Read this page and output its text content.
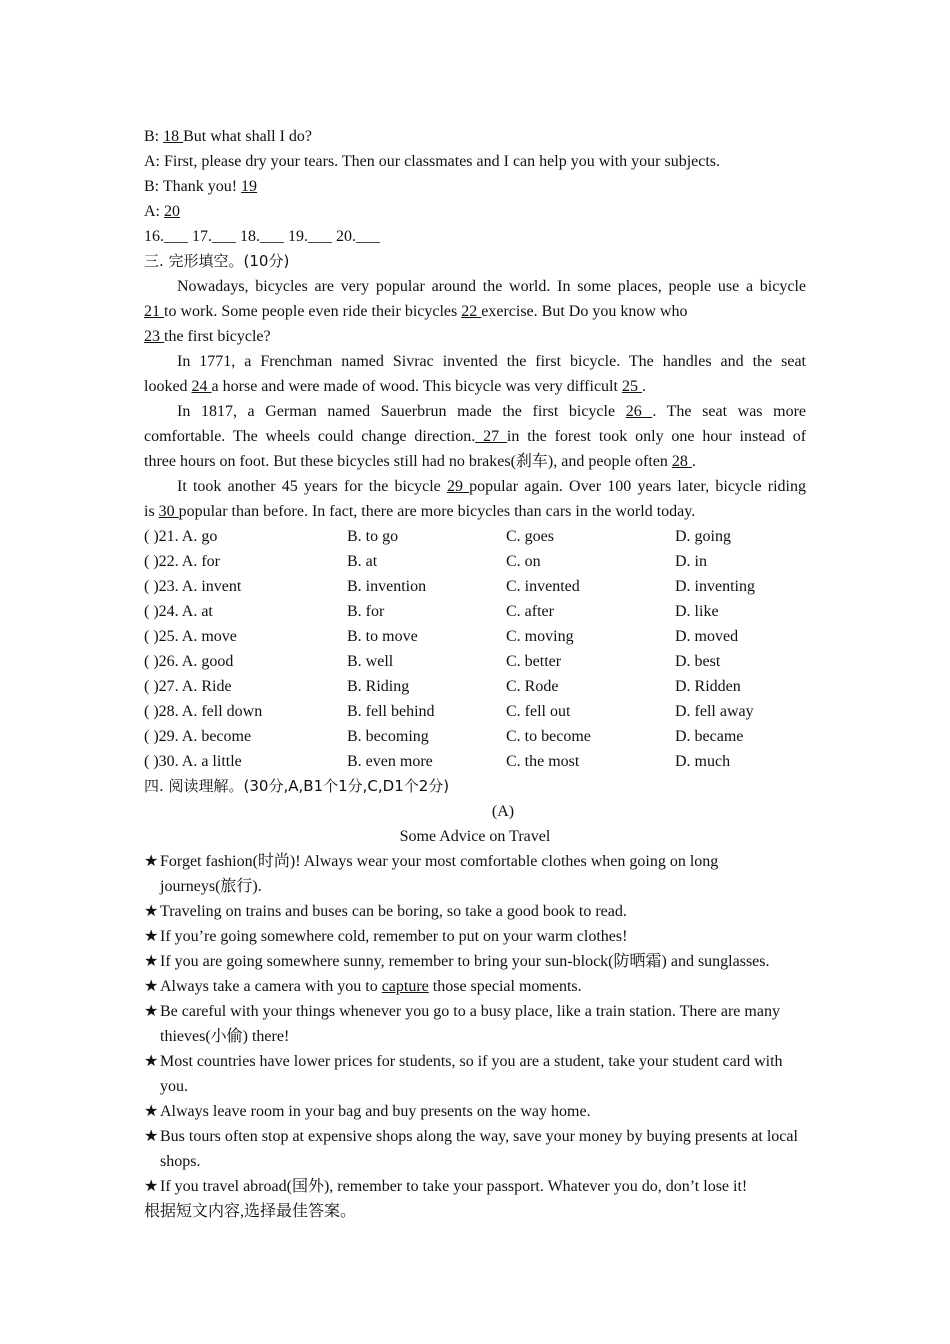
B: 18 But what shall I do?
A: First, please dry your tears. Then our classmates and I can help you with your subjects.
B: Thank you! 19
A: 20
16.___ 17.___ 18.___ 19.___ 20.___
三. 完形填空。(10分)
Nowadays, bicycles are very popular around the world. In some places, people use a bicycle
21 to work. Some people even ride their bicycles 22 exercise. But Do you know who
23 the first bicycle?
In 1771, a Frenchman named Sivrac invented the first bicycle. The handles and the seat
looked 24 a horse and were made of wood. This bicycle was very difficult 25 .
In 1817, a German named Sauerbrun made the first bicycle 26 . The seat was more
comfortable. The wheels could change direction. 27 in the forest took only one hour instead of
three hours on foot. But these bicycles still had no brakes(刹车), and people often 28 .
It took another 45 years for the bicycle 29 popular again. Over 100 years later, bicycle riding
is 30 popular than before. In fact, there are more bicycles than cars in the world today.
( )21. A. go	B. to go	C. goes	D. going
( )22. A. for	B. at	C. on	D. in
( )23. A. invent	B. invention	C. invented	D. inventing
( )24. A. at	B. for	C. after	D. like
( )25. A. move	B. to move	C. moving	D. moved
( )26. A. good	B. well	C. better	D. best
( )27. A. Ride	B. Riding	C. Rode	D. Ridden
( )28. A. fell down	B. fell behind	C. fell out	D. fell away
( )29. A. become	B. becoming	C. to become	D. became
( )30. A. a little	B. even more	C. the most	D. much
四. 阅读理解。(30分,A,B1个1分,C,D1个2分)
(A)
Some Advice on Travel
★ Forget fashion(时尚)! Always wear your most comfortable clothes when going on long journeys(旅行).
★ Traveling on trains and buses can be boring, so take a good book to read.
★ If you’re going somewhere cold, remember to put on your warm clothes!
★ If you are going somewhere sunny, remember to bring your sun-block(防晒霜) and sunglasses.
★ Always take a camera with you to capture those special moments.
★ Be careful with your things whenever you go to a busy place, like a train station. There are many thieves(小偷) there!
★ Most countries have lower prices for students, so if you are a student, take your student card with you.
★ Always leave room in your bag and buy presents on the way home.
★ Bus tours often stop at expensive shops along the way, save your money by buying presents at local shops.
★ If you travel abroad(国外), remember to take your passport. Whatever you do, don’t lose it!
根据短文内容,选择最佳答案。
